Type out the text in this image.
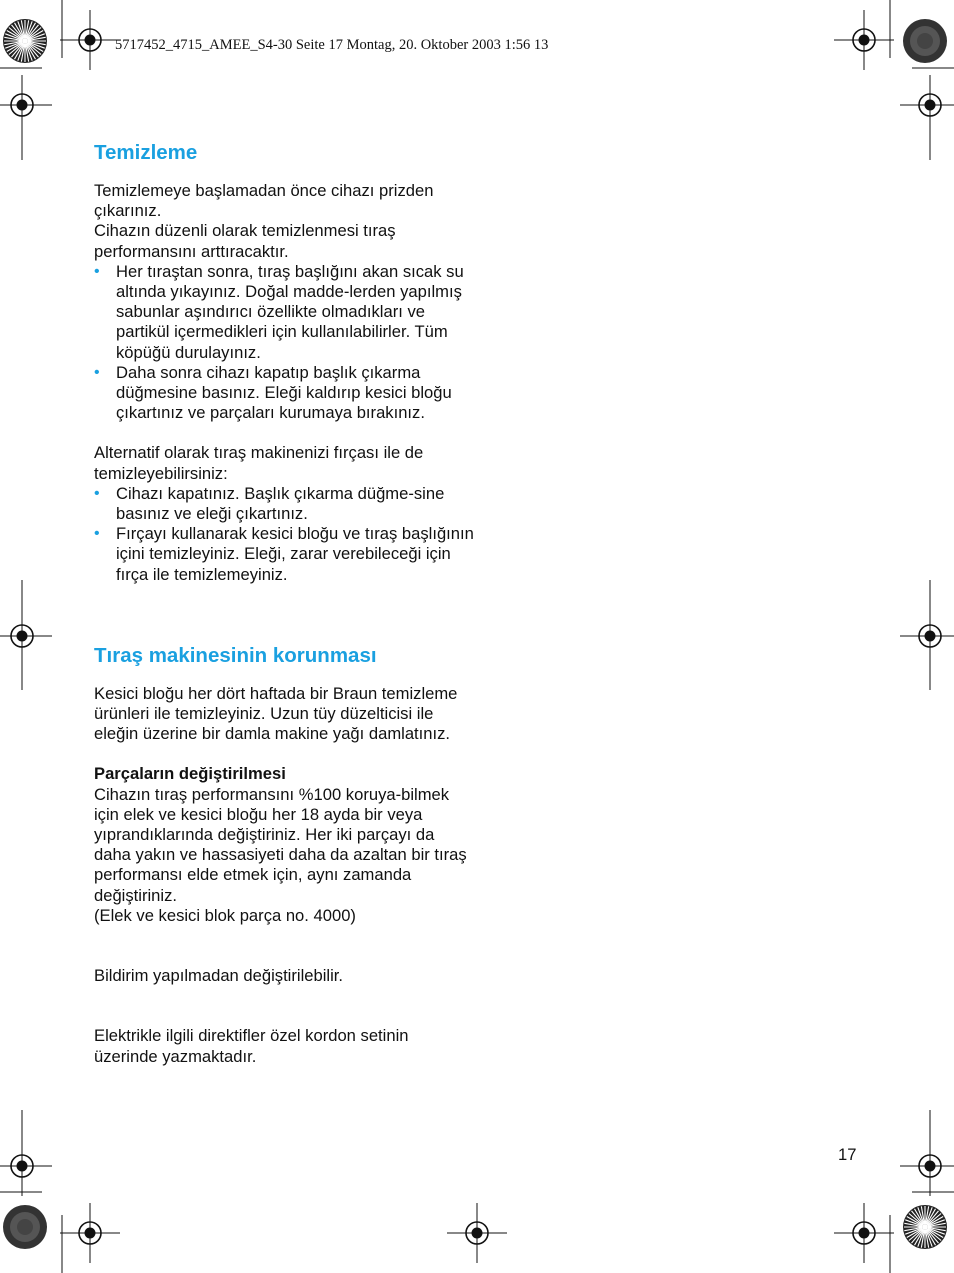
5717452_4715_AMEE_S4-30 Seite 17 Montag, 20. Oktober 2003 1:56 13
Temizleme

Temizlemeye başlamadan önce cihazı prizden çıkarınız.

Cihazın düzenli olarak temizlenmesi tıraş performansını arttıracaktır.

• Her tıraştan sonra, tıraş başlığını akan sıcak su altında yıkayınız. Doğal madde-lerden yapılmış sabunlar aşındırıcı özellikte olmadıkları ve partikül içermedikleri için kullanılabilirler. Tüm köpüğü durulayınız.
• Daha sonra cihazı kapatıp başlık çıkarma düğmesine basınız. Eleği kaldırıp kesici bloğu çıkartınız ve parçaları kurumaya bırakınız.

Alternatif olarak tıraş makinenizi fırçası ile de temizleyebilirsiniz:

• Cihazı kapatınız. Başlık çıkarma düğme-sine basınız ve eleği çıkartınız.
• Fırçayı kullanarak kesici bloğu ve tıraş başlığının içini temizleyiniz. Eleği, zarar verebileceği için fırça ile temizlemeyiniz.
Tıraş makinesinin korunması

Kesici bloğu her dört haftada bir Braun temizleme ürünleri ile temizleyiniz. Uzun tüy düzelticisi ile eleğin üzerine bir damla makine yağı damlatınız.

Parçaların değiştirilmesi

Cihazın tıraş performansını %100 koruya-bilmek için elek ve kesici bloğu her 18 ayda bir veya yıprandıklarında değiştiriniz. Her iki parçayı da daha yakın ve hassasiyeti daha da azaltan bir tıraş performansı elde etmek için, aynı zamanda değiştiriniz.

(Elek ve kesici blok parça no. 4000)

Bildirim yapılmadan değiştirilebilir.

Elektrikle ilgili direktifler özel kordon setinin üzerinde yazmaktadır.

17
